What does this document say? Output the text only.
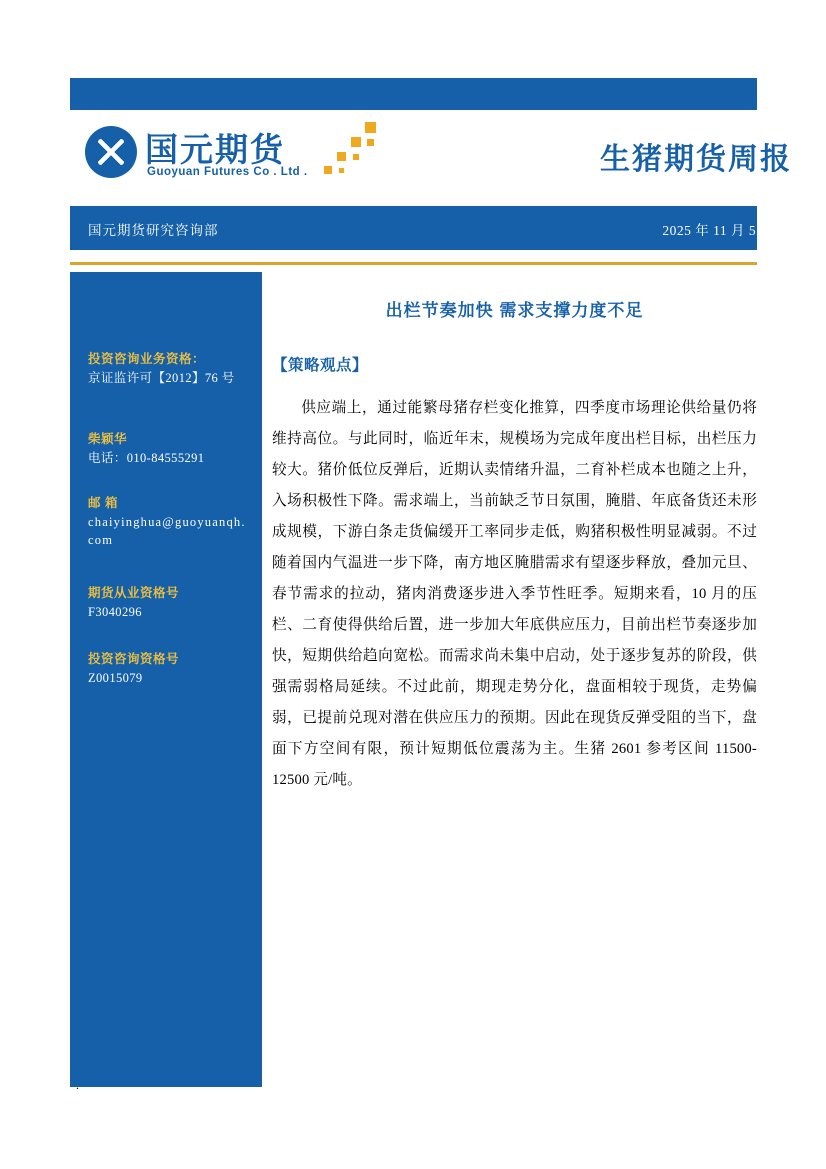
国元期货
Guoyuan Futures Co . Ltd .	生猪期货周报
国元期货研究咨询部	2025 年 11 月 5 日
投资咨询业务资格：
京证监许可【2012】76 号
柴颖华
电话：010-84555291
邮 箱
chaiyinghua@guoyuanqh.com
期货从业资格号
F3040296
投资咨询资格号
Z0015079
出栏节奏加快 需求支撑力度不足
【策略观点】
供应端上，通过能繁母猪存栏变化推算，四季度市场理论供给量仍将维持高位。与此同时，临近年末，规模场为完成年度出栏目标，出栏压力较大。猪价低位反弹后，近期认卖情绪升温，二育补栏成本也随之上升，入场积极性下降。需求端上，当前缺乏节日氛围，腌腊、年底备货还未形成规模，下游白条走货偏缓开工率同步走低，购猪积极性明显减弱。不过随着国内气温进一步下降，南方地区腌腊需求有望逐步释放，叠加元旦、春节需求的拉动，猪肉消费逐步进入季节性旺季。短期来看，10 月的压栏、二育使得供给后置，进一步加大年底供应压力，目前出栏节奏逐步加快，短期供给趋向宽松。而需求尚未集中启动，处于逐步复苏的阶段，供强需弱格局延续。不过此前，期现走势分化，盘面相较于现货，走势偏弱，已提前兑现对潜在供应压力的预期。因此在现货反弹受阻的当下，盘面下方空间有限，预计短期低位震荡为主。生猪 2601 参考区间 11500-12500 元/吨。
.
